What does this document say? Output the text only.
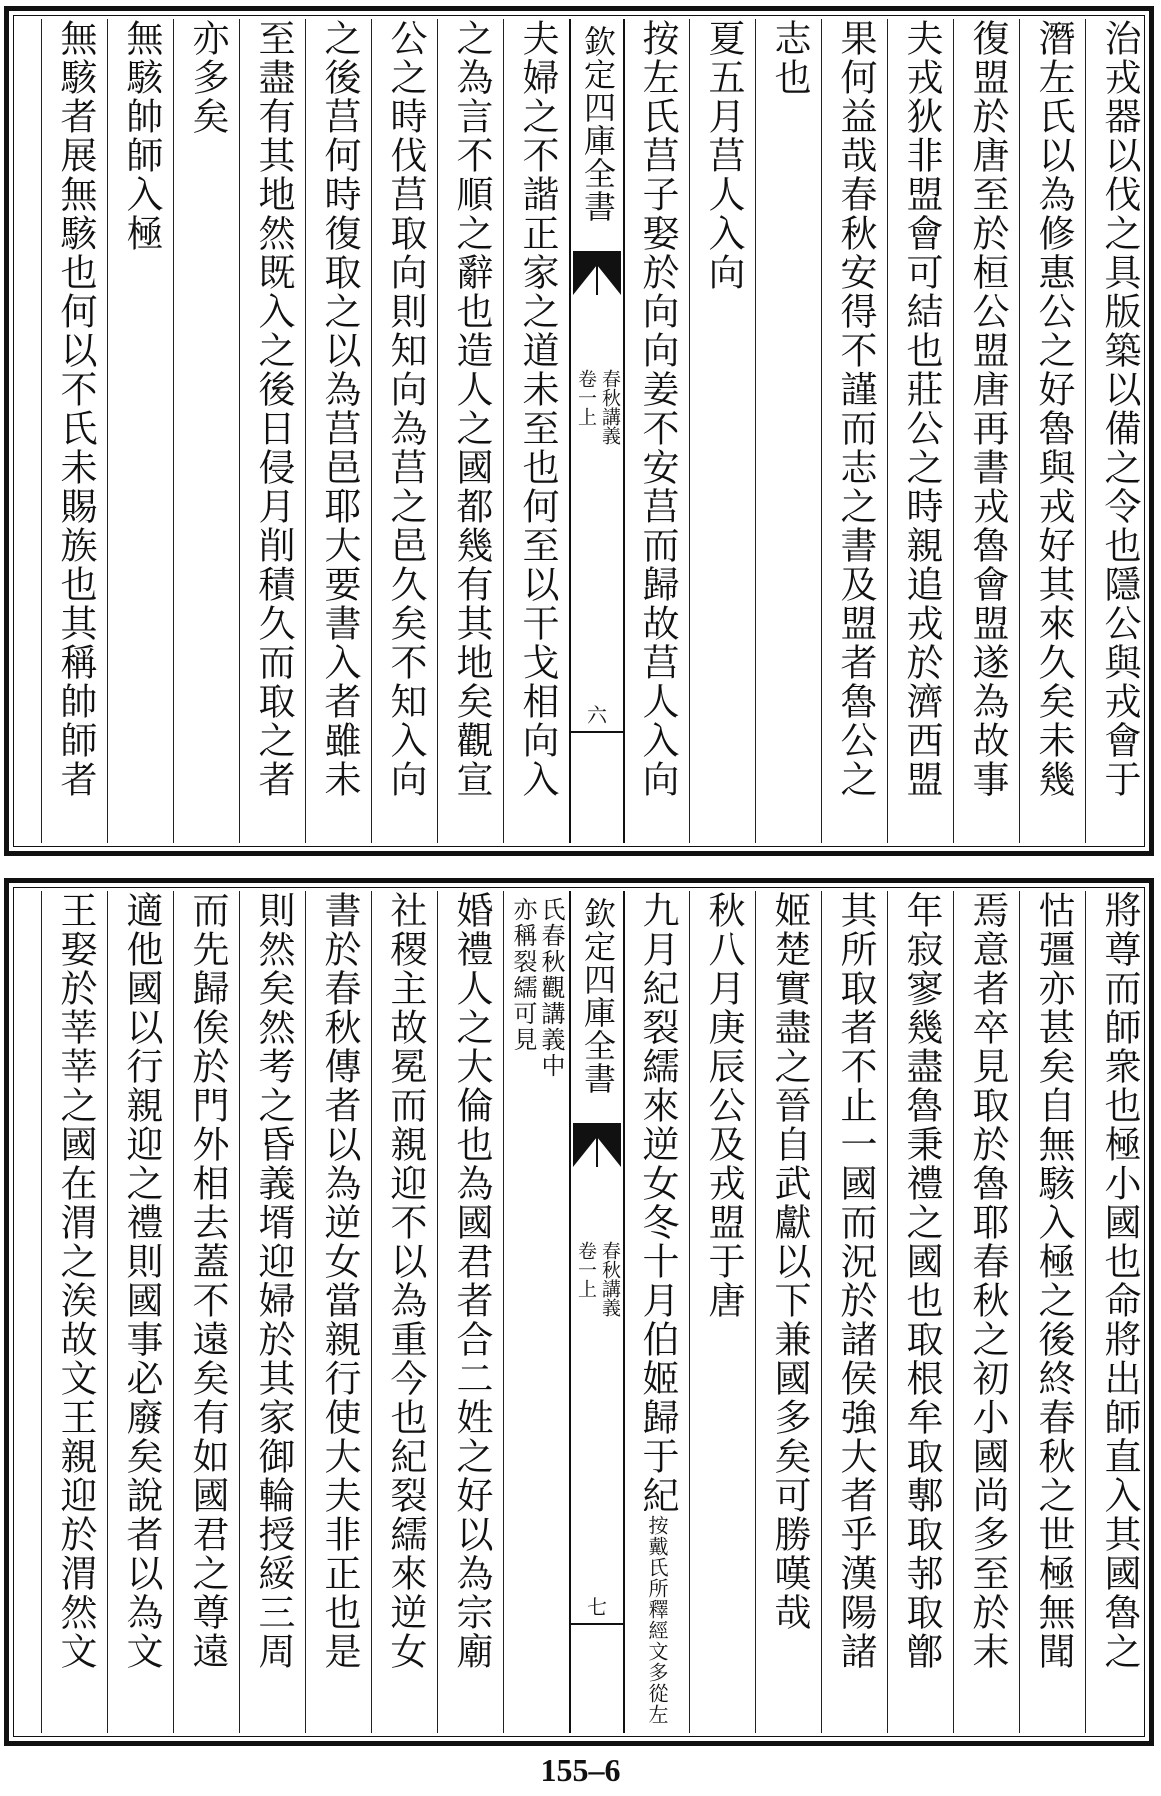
治戎器以伐之具版築以備之令也隱公與戎會于
潛左氏以為修惠公之好魯與戎好其來久矣未幾
復盟於唐至於桓公盟唐再書戎魯會盟遂為故事
夫戎狄非盟會可結也莊公之時親追戎於濟西盟
果何益哉春秋安得不謹而志之書及盟者魯公之
志也
夏五月莒人入向
按左氏莒子娶於向向姜不安莒而歸故莒人入向
欽定四庫全書
春秋講義
卷一上
六
夫婦之不諧正家之道未至也何至以干戈相向入
之為言不順之辭也造人之國都幾有其地矣觀宣
公之時伐莒取向則知向為莒之邑久矣不知入向
之後莒何時復取之以為莒邑耶大要書入者雖未
至盡有其地然既入之後日侵月削積久而取之者
亦多矣
無駭帥師入極
無駭者展無駭也何以不氏未賜族也其稱帥師者
將尊而師衆也極小國也命將出師直入其國魯之
怙彊亦甚矣自無駭入極之後終春秋之世極無聞
焉意者卒見取於魯耶春秋之初小國尚多至於末
年寂寥幾盡魯秉禮之國也取根牟取鄟取邿取鄫
其所取者不止一國而況於諸侯強大者乎漢陽諸
姬楚實盡之晉自武獻以下兼國多矣可勝嘆哉
秋八月庚辰公及戎盟于唐
九月紀裂繻來逆女冬十月伯姬歸于紀按戴氏所釋經文多從左
欽定四庫全書
春秋講義
卷一上
七
氏春秋觀講義中
亦稱裂繻可見
婚禮人之大倫也為國君者合二姓之好以為宗廟
社稷主故冕而親迎不以為重今也紀裂繻來逆女
書於春秋傳者以為逆女當親行使大夫非正也是
則然矣然考之昏義壻迎婦於其家御輪授綏三周
而先歸俟於門外相去蓋不遠矣有如國君之尊遠
適他國以行親迎之禮則國事必廢矣說者以為文
王娶於莘莘之國在渭之涘故文王親迎於渭然文
155–6
